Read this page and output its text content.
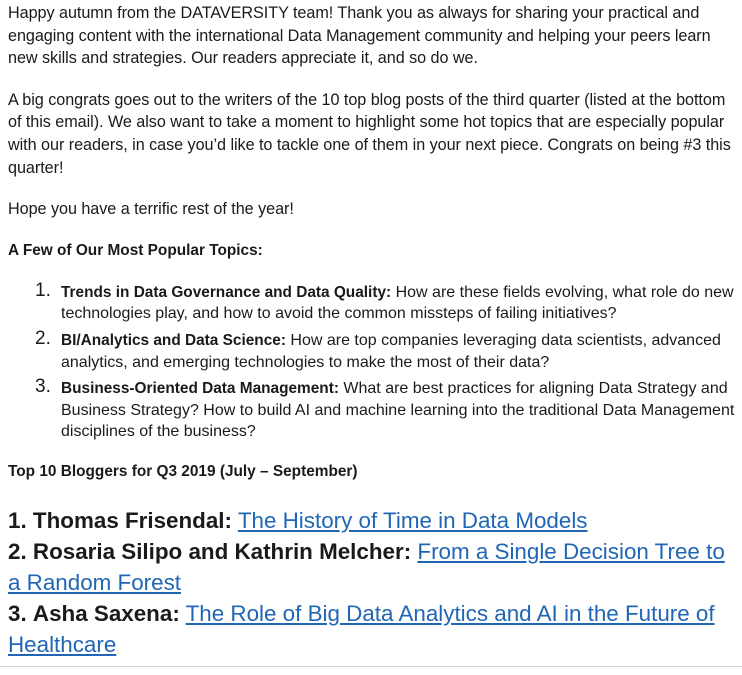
Happy autumn from the DATAVERSITY team! Thank you as always for sharing your practical and engaging content with the international Data Management community and helping your peers learn new skills and strategies. Our readers appreciate it, and so do we.

A big congrats goes out to the writers of the 10 top blog posts of the third quarter (listed at the bottom of this email). We also want to take a moment to highlight some hot topics that are especially popular with our readers, in case you’d like to tackle one of them in your next piece. Congrats on being #3 this quarter!

Hope you have a terrific rest of the year!

A Few of Our Most Popular Topics:
1. Trends in Data Governance and Data Quality: How are these fields evolving, what role do new technologies play, and how to avoid the common missteps of failing initiatives?
2. BI/Analytics and Data Science: How are top companies leveraging data scientists, advanced analytics, and emerging technologies to make the most of their data?
3. Business-Oriented Data Management: What are best practices for aligning Data Strategy and Business Strategy? How to build AI and machine learning into the traditional Data Management disciplines of the business?
Top 10 Bloggers for Q3 2019 (July – September)
1. Thomas Frisendal: The History of Time in Data Models
2. Rosaria Silipo and Kathrin Melcher: From a Single Decision Tree to a Random Forest
3. Asha Saxena: The Role of Big Data Analytics and AI in the Future of Healthcare
